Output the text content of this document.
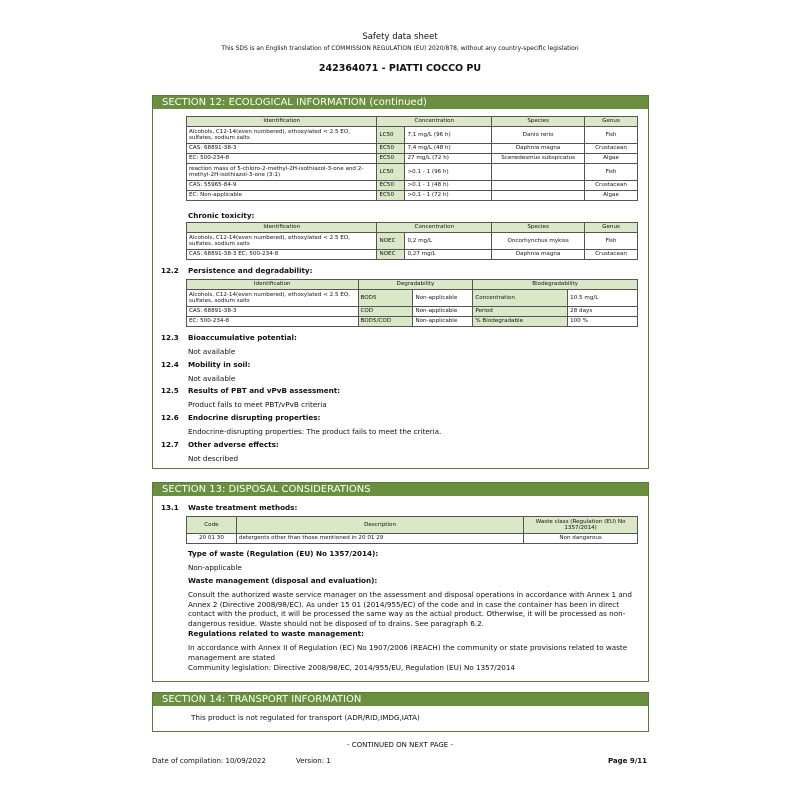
Safety data sheet
This SDS is an English translation of COMMISSION REGULATION (EU) 2020/878, without any country-specific legislation
242364071 - PIATTI COCCO PU
SECTION 12: ECOLOGICAL INFORMATION (continued)
Identification	Concentration		Species	Genus
Alcohols, C12-14(even numbered), ethoxylated < 2.5 EO, sulfates, sodium salts	LC50	7,1 mg/L (96 h)	Danio rerio	Fish
CAS: 68891-38-3	EC50	7,4 mg/L (48 h)	Daphnia magna	Crustacean
EC: 500-234-8	EC50	27 mg/L (72 h)	Scenedesmus subspicatus	Algae
reaction mass of 5-chloro-2-methyl-2H-isothiazol-3-one and 2-methyl-2H-isothiazol-3-one (3:1)	LC50	>0.1 - 1 (96 h)		Fish
CAS: 55965-84-9	EC50	>0.1 - 1 (48 h)		Crustacean
EC: Non-applicable	EC50	>0.1 - 1 (72 h)		Algae
Chronic toxicity:
Identification	Concentration		Species	Genus
Alcohols, C12-14(even numbered), ethoxylated < 2.5 EO, sulfates, sodium salts	NOEC	0,2 mg/L	Oncorhynchus mykiss	Fish
CAS: 68891-38-3 EC: 500-234-8	NOEC	0,27 mg/L	Daphnia magna	Crustacean
12.2 Persistence and degradability:
Identification	Degradability		Biodegradability	
Alcohols, C12-14(even numbered), ethoxylated < 2.5 EO, sulfates, sodium salts	BOD5	Non-applicable	Concentration	10.5 mg/L
CAS: 68891-38-3	COD	Non-applicable	Period	28 days
EC: 500-234-8	BOD5/COD	Non-applicable	% Biodegradable	100 %
12.3 Bioaccumulative potential:
Not available
12.4 Mobility in soil:
Not available
12.5 Results of PBT and vPvB assessment:
Product fails to meet PBT/vPvB criteria
12.6 Endocrine disrupting properties:
Endocrine-disrupting properties: The product fails to meet the criteria.
12.7 Other adverse effects:
Not described
SECTION 13: DISPOSAL CONSIDERATIONS
13.1 Waste treatment methods:
Code	Description	Waste class (Regulation (EU) No 1357/2014)
20 01 30	detergents other than those mentioned in 20 01 29	Non dangerous
Type of waste (Regulation (EU) No 1357/2014):
Non-applicable
Waste management (disposal and evaluation):
Consult the authorized waste service manager on the assessment and disposal operations in accordance with Annex 1 and Annex 2 (Directive 2008/98/EC). As under 15 01 (2014/955/EC) of the code and in case the container has been in direct contact with the product, it will be processed the same way as the actual product. Otherwise, it will be processed as non-dangerous residue. Waste should not be disposed of to drains. See paragraph 6.2.
Regulations related to waste management:
In accordance with Annex II of Regulation (EC) No 1907/2006 (REACH) the community or state provisions related to waste management are stated
Community legislation: Directive 2008/98/EC, 2014/955/EU, Regulation (EU) No 1357/2014
SECTION 14: TRANSPORT INFORMATION
This product is not regulated for transport (ADR/RID,IMDG,IATA)
- CONTINUED ON NEXT PAGE -
Date of compilation: 10/09/2022	Version: 1	Page 9/11
